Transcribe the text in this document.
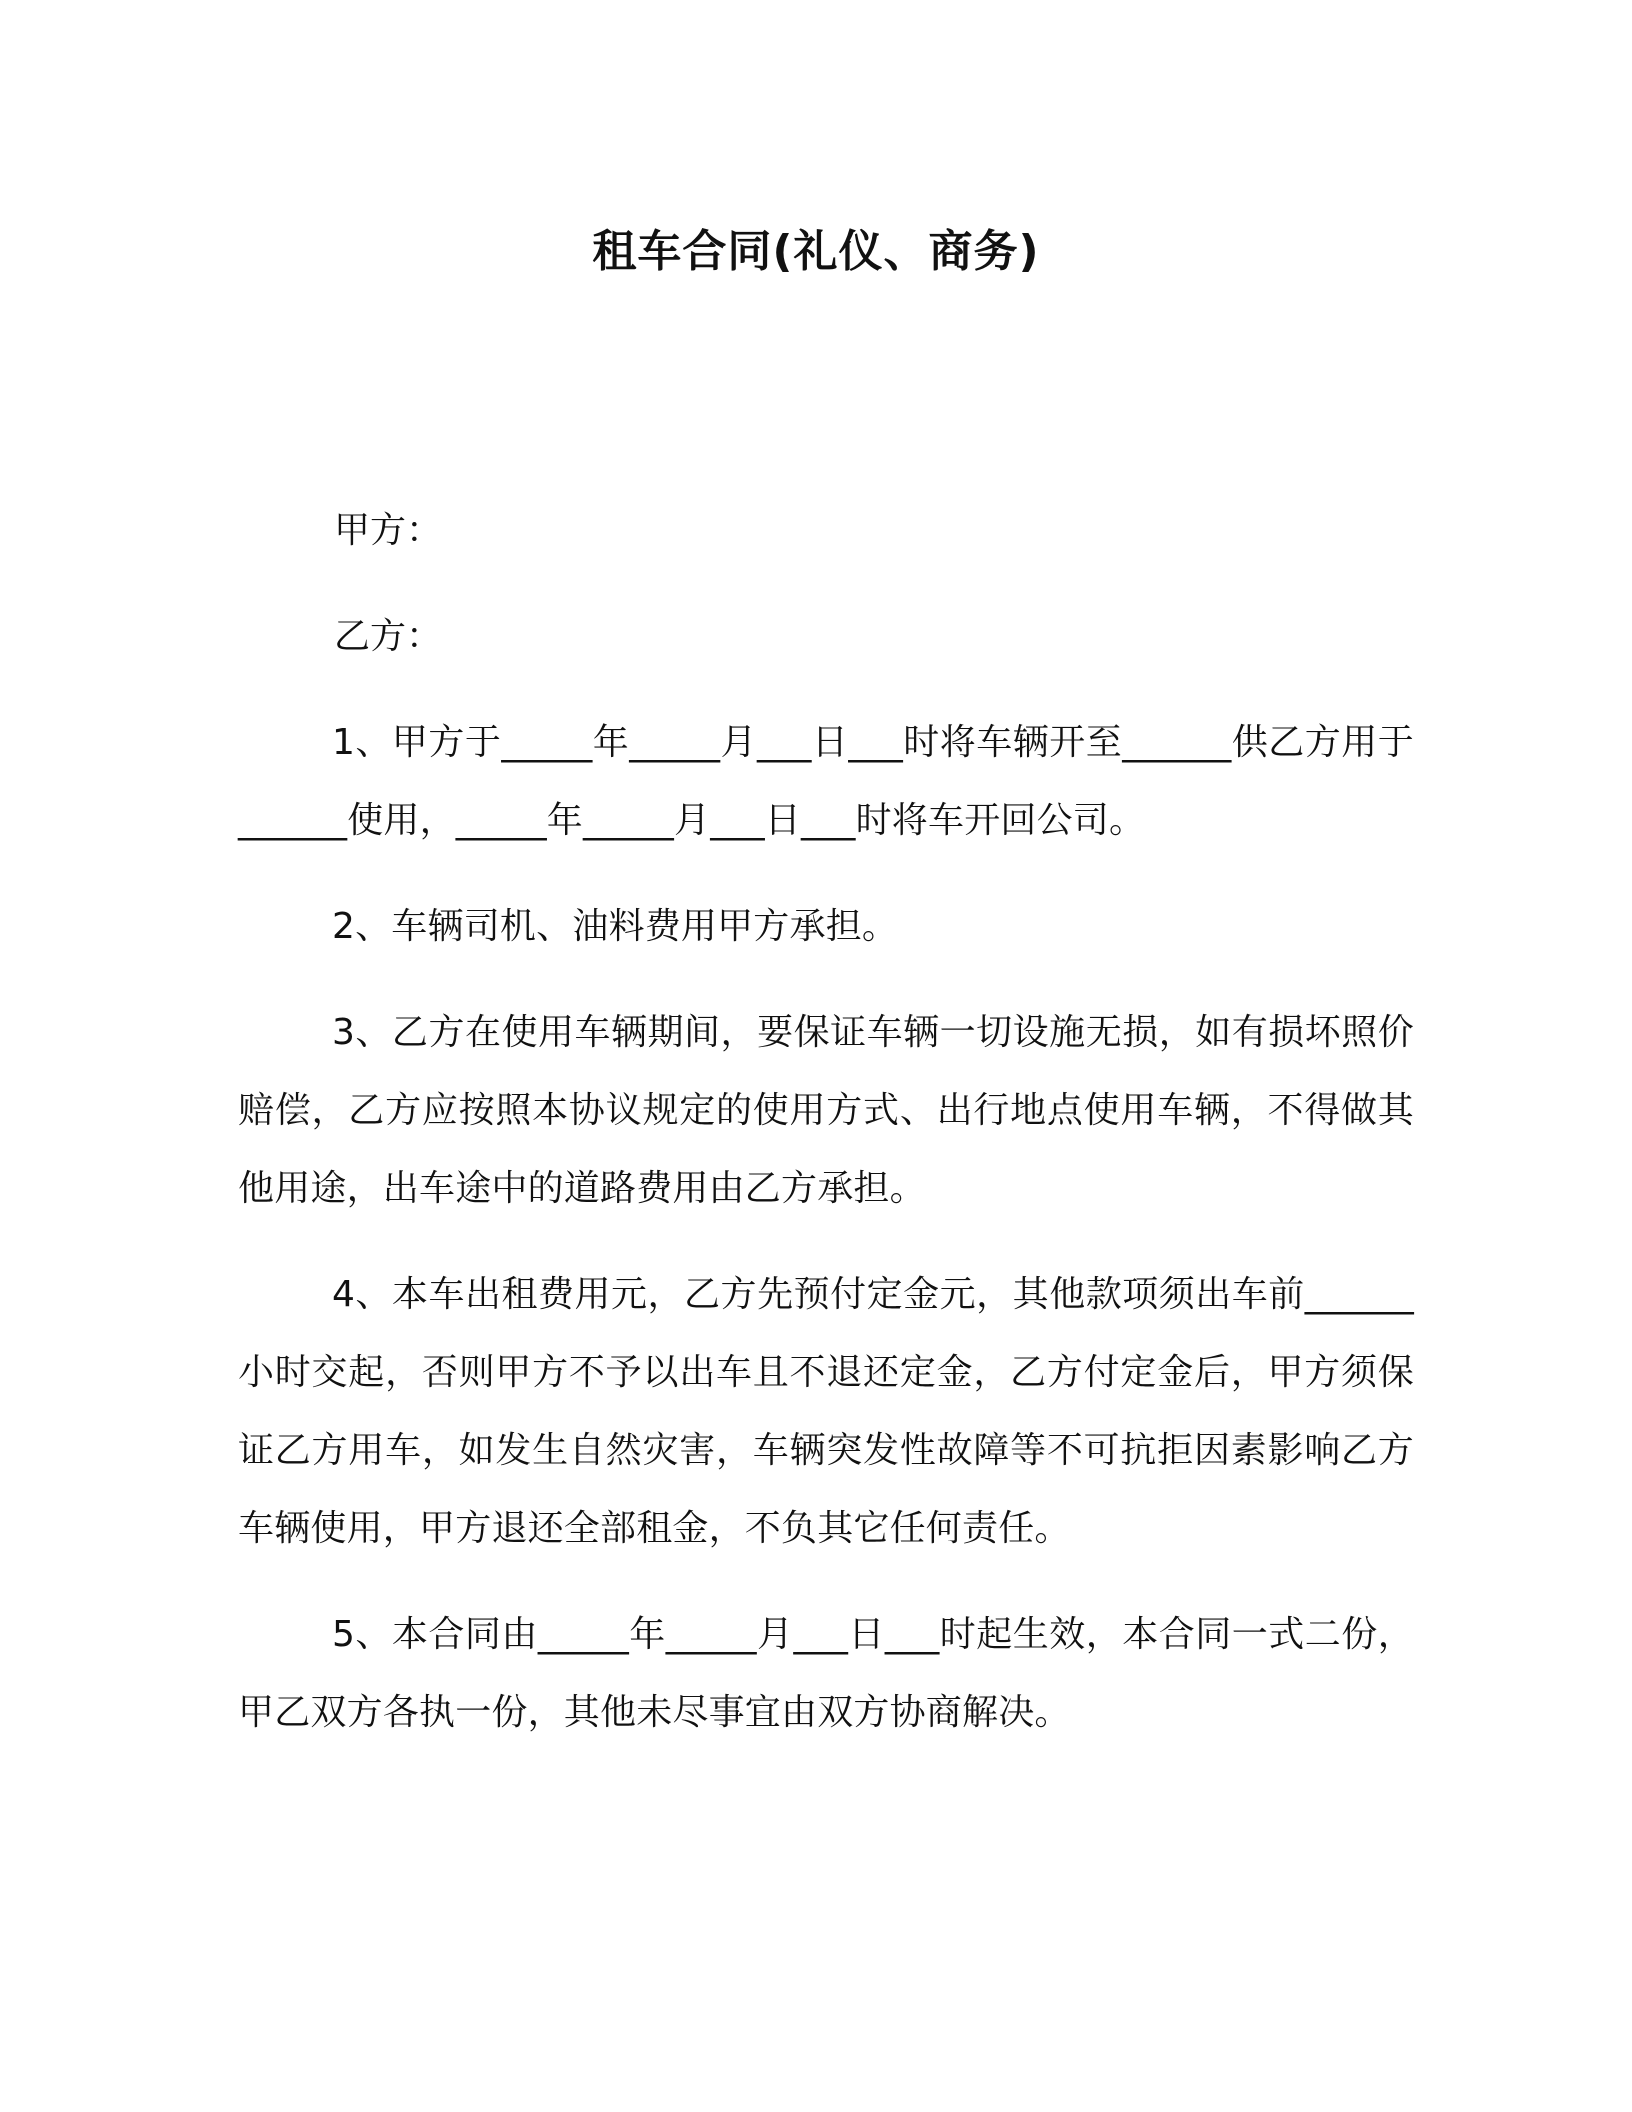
租车合同(礼仪、商务)

甲方：

乙方：

1、甲方于_____年_____月___日___时将车辆开至______供乙方用于______使用，_____年_____月___日___时将车开回公司。

2、车辆司机、油料费用甲方承担。

3、乙方在使用车辆期间，要保证车辆一切设施无损，如有损坏照价赔偿，乙方应按照本协议规定的使用方式、出行地点使用车辆，不得做其他用途，出车途中的道路费用由乙方承担。

4、本车出租费用元，乙方先预付定金元，其他款项须出车前______小时交起，否则甲方不予以出车且不退还定金，乙方付定金后，甲方须保证乙方用车，如发生自然灾害，车辆突发性故障等不可抗拒因素影响乙方车辆使用，甲方退还全部租金，不负其它任何责任。

5、本合同由_____年_____月___日___时起生效，本合同一式二份，甲乙双方各执一份，其他未尽事宜由双方协商解决。
